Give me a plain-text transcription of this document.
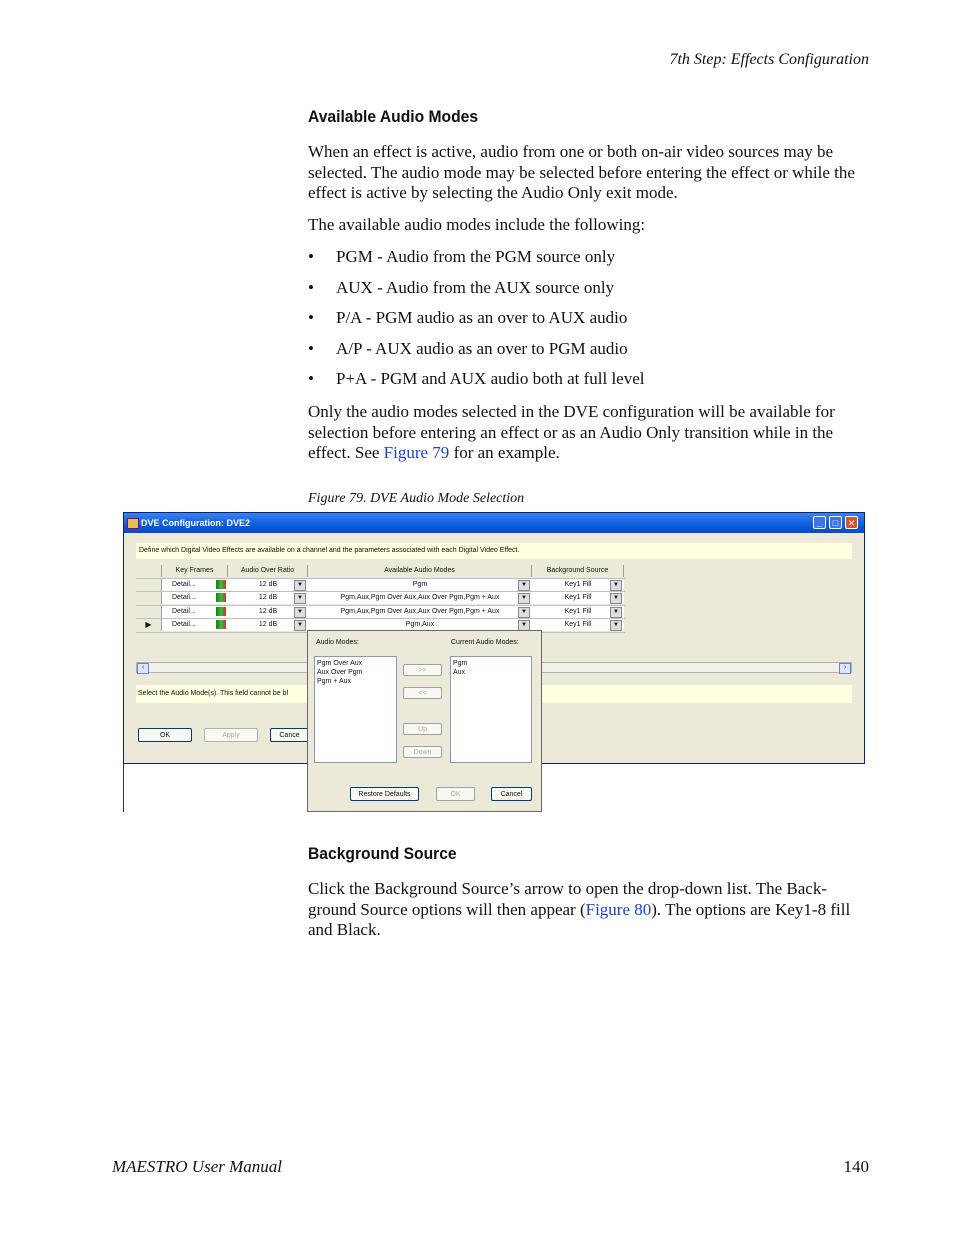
7th Step: Effects Configuration
Available Audio Modes
When an effect is active, audio from one or both on-air video sources may be selected. The audio mode may be selected before entering the effect or while the effect is active by selecting the Audio Only exit mode.
The available audio modes include the following:
• PGM - Audio from the PGM source only
• AUX - Audio from the AUX source only
• P/A - PGM audio as an over to AUX audio
• A/P - AUX audio as an over to PGM audio
• P+A - PGM and AUX audio both at full level
Only the audio modes selected in the DVE configuration will be available for selection before entering an effect or as an Audio Only transition while in the effect. See Figure 79 for an example.
Figure 79. DVE Audio Mode Selection
DVE Configuration: DVE2	_	□	✕
Define which Digital Video Effects are available on a channel and the parameters associated with each Digital Video Effect.
Key Frames	Audio Over Ratio	Available Audio Modes	Background Source
Detail...	12 dB	▼	Pgm	▼	Key1 Fill	▼
Detail...	12 dB	▼	Pgm,Aux,Pgm Over Aux,Aux Over Pgm,Pgm + Aux	▼	Key1 Fill	▼
Detail...	12 dB	▼	Pgm,Aux,Pgm Over Aux,Aux Over Pgm,Pgm + Aux	▼	Key1 Fill	▼
▶	Detail...	12 dB	▼	Pgm,Aux	▼	Key1 Fill	▼
‹	›
Select the Audio Mode(s). This field cannot be bl
OK	Apply	Cance
Audio Modes:	Current Audio Modes:
Pgm Over Aux
Aux Over Pgm
Pgm + Aux
Pgm
Aux
>>
<<
Up
Down
Restore Defaults	OK	Cancel
Background Source
Click the Background Source’s arrow to open the drop-down list. The Back-ground Source options will then appear (Figure 80). The options are Key1-8 fill and Black.
MAESTRO User Manual	140
